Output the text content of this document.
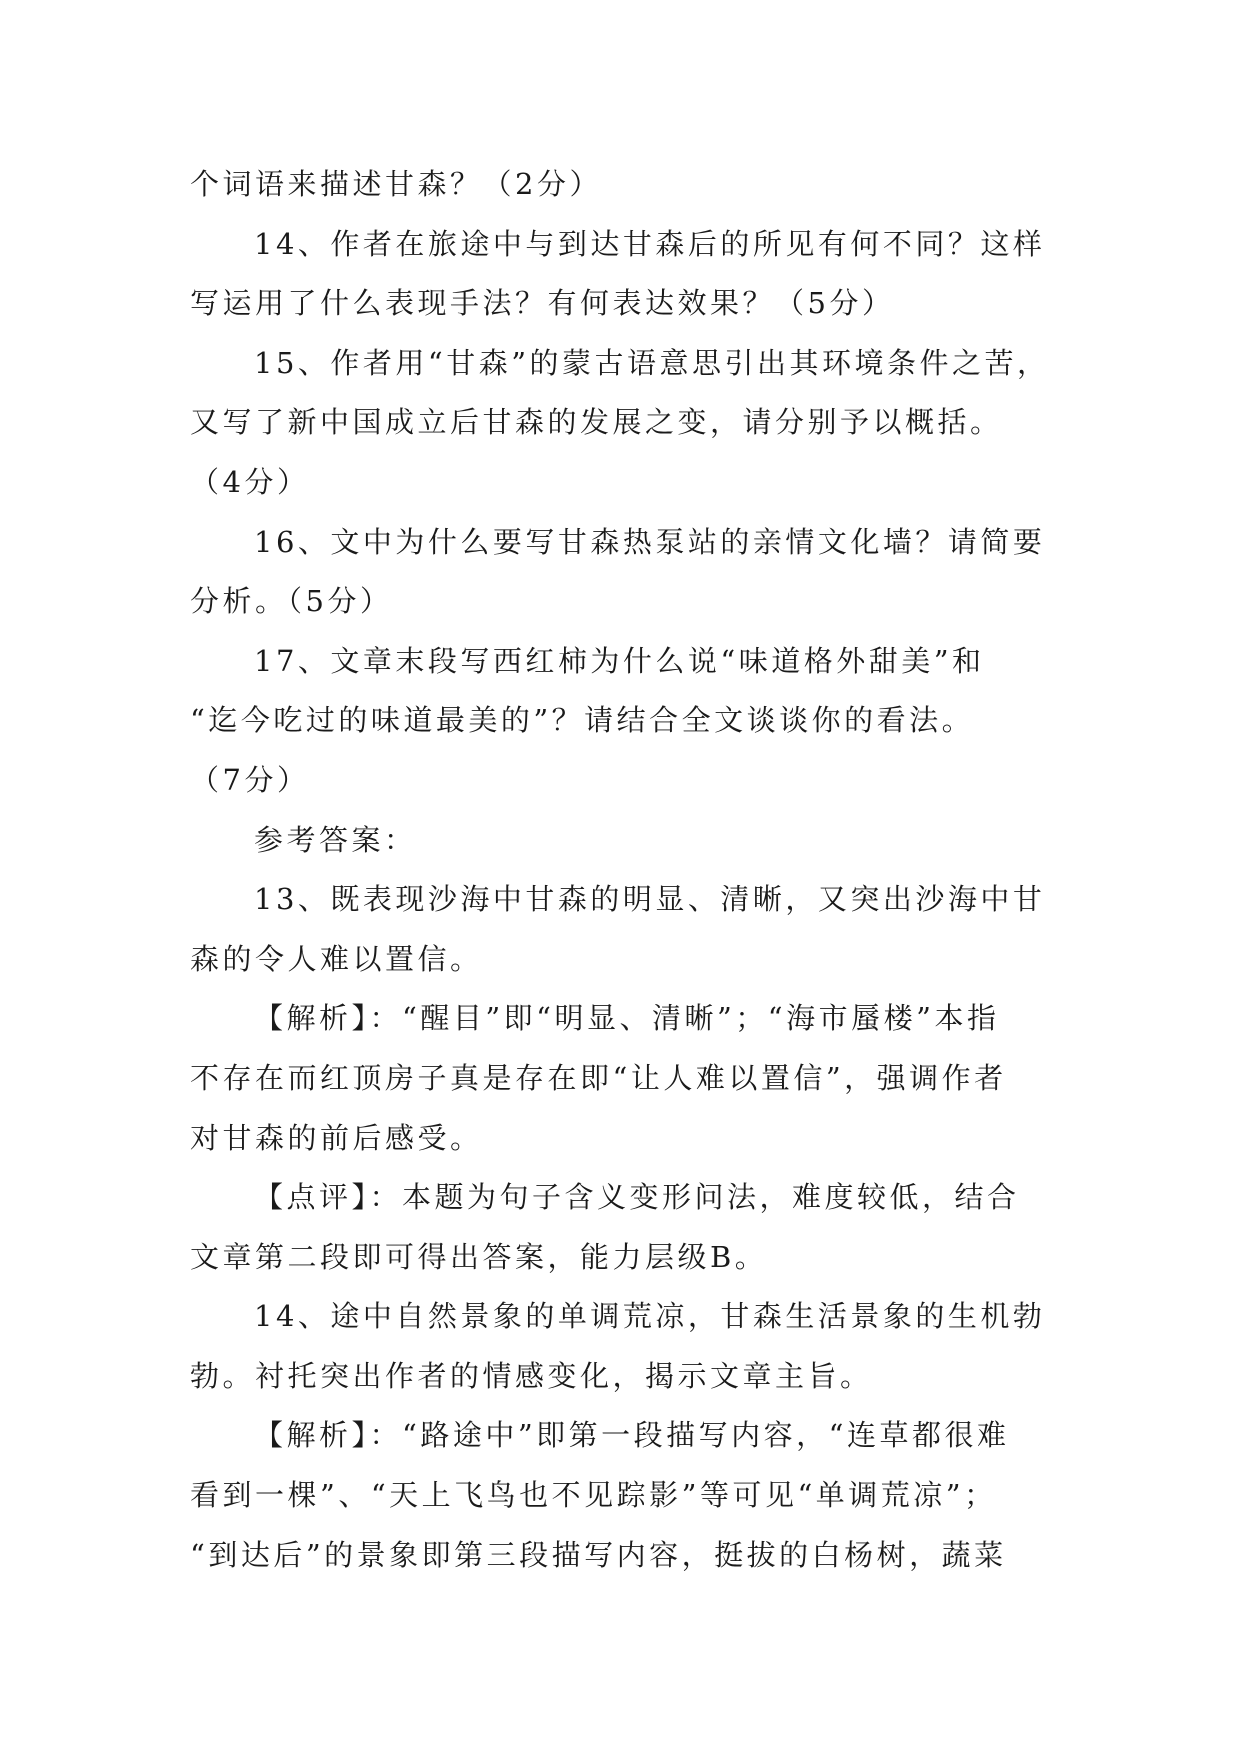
个词语来描述甘森？（2分）
14、作者在旅途中与到达甘森后的所见有何不同？这样
写运用了什么表现手法？有何表达效果？（5分）
15、作者用“甘森”的蒙古语意思引出其环境条件之苦，
又写了新中国成立后甘森的发展之变，请分别予以概括。
（4分）
16、文中为什么要写甘森热泵站的亲情文化墙？请简要
分析。（5分）
17、文章末段写西红柿为什么说“味道格外甜美”和
“迄今吃过的味道最美的”？请结合全文谈谈你的看法。
（7分）
参考答案：
13、既表现沙海中甘森的明显、清晰，又突出沙海中甘
森的令人难以置信。
【解析】：“醒目”即“明显、清晰”；“海市蜃楼”本指
不存在而红顶房子真是存在即“让人难以置信”，强调作者
对甘森的前后感受。
【点评】：本题为句子含义变形问法，难度较低，结合
文章第二段即可得出答案，能力层级B。
14、途中自然景象的单调荒凉，甘森生活景象的生机勃
勃。衬托突出作者的情感变化，揭示文章主旨。
【解析】：“路途中”即第一段描写内容，“连草都很难
看到一棵”、“天上飞鸟也不见踪影”等可见“单调荒凉”；
“到达后”的景象即第三段描写内容，挺拔的白杨树，蔬菜
